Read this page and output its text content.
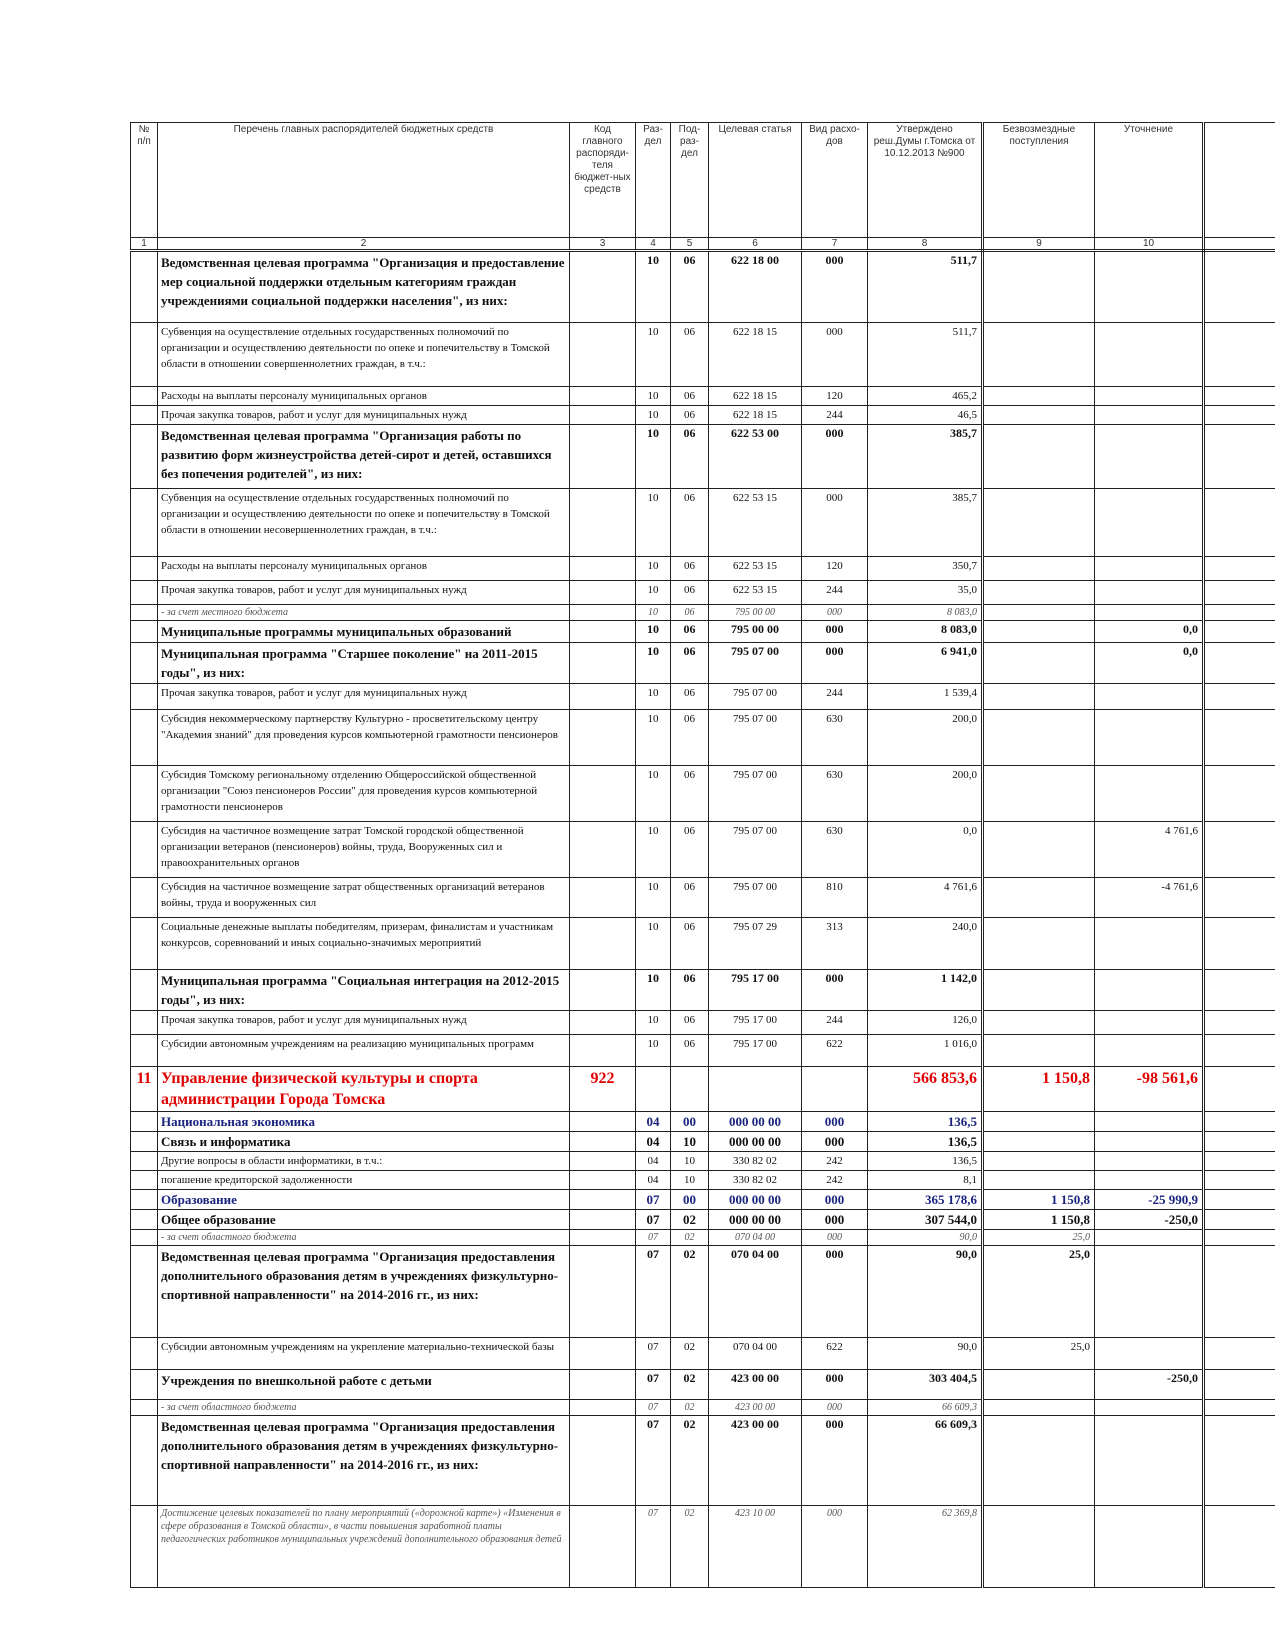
№ п/п	Перечень главных распорядителей бюджетных средств	Код главного распоряди-теля бюджет-ных средств	Раз-дел	Под-раз-дел	Целевая статья	Вид расхо-дов	Утверждено реш.Думы г.Томска от 10.12.2013 №900	Безвозмездные поступления	Уточнение	
1	2	3	4	5	6	7	8	9	10	
	Ведомственная целевая программа "Организация и предоставление мер социальной поддержки отдельным категориям граждан учреждениями социальной поддержки населения", из них:		10	06	622 18 00	000	511,7			
	Субвенция на осуществление отдельных государственных полномочий по организации и осуществлению деятельности по опеке и попечительству в Томской области в отношении совершеннолетних граждан, в т.ч.:		10	06	622 18 15	000	511,7			
	Расходы на выплаты персоналу муниципальных органов		10	06	622 18 15	120	465,2			
	Прочая закупка товаров, работ и услуг для муниципальных нужд		10	06	622 18 15	244	46,5			
	Ведомственная целевая программа "Организация работы по развитию форм жизнеустройства детей-сирот и детей, оставшихся без попечения родителей", из них:		10	06	622 53 00	000	385,7			
	Субвенция на осуществление отдельных государственных полномочий по организации и осуществлению деятельности по опеке и попечительству в Томской области в отношении несовершеннолетних граждан, в т.ч.:		10	06	622 53 15	000	385,7			
	Расходы на выплаты персоналу муниципальных органов		10	06	622 53 15	120	350,7			
	Прочая закупка товаров, работ и услуг для муниципальных нужд		10	06	622 53 15	244	35,0			
	- за счет местного бюджета		10	06	795 00 00	000	8 083,0			
	Муниципальные программы муниципальных образований		10	06	795 00 00	000	8 083,0		0,0	
	Муниципальная программа "Старшее поколение" на 2011-2015 годы", из них:		10	06	795 07 00	000	6 941,0		0,0	
	Прочая закупка товаров, работ и услуг для муниципальных нужд		10	06	795 07 00	244	1 539,4			
	Субсидия некоммерческому партнерству Культурно - просветительскому центру "Академия знаний" для проведения курсов компьютерной грамотности пенсионеров		10	06	795 07 00	630	200,0			
	Субсидия Томскому региональному отделению Общероссийской общественной организации "Союз пенсионеров России" для проведения курсов компьютерной грамотности пенсионеров		10	06	795 07 00	630	200,0			
	Субсидия на частичное возмещение затрат Томской городской общественной организации ветеранов (пенсионеров) войны, труда, Вооруженных сил и правоохранительных органов		10	06	795 07 00	630	0,0		4 761,6	
	Субсидия на частичное возмещение затрат общественных организаций ветеранов войны, труда и вооруженных сил		10	06	795 07 00	810	4 761,6		-4 761,6	
	Социальные денежные выплаты победителям, призерам, финалистам и участникам конкурсов, соревнований и иных социально-значимых мероприятий		10	06	795 07 29	313	240,0			
	Муниципальная программа "Социальная интеграция на 2012-2015 годы", из них:		10	06	795 17 00	000	1 142,0			
	Прочая закупка товаров, работ и услуг для муниципальных нужд		10	06	795 17 00	244	126,0			
	Субсидии автономным учреждениям на реализацию муниципальных программ		10	06	795 17 00	622	1 016,0			
11	Управление физической культуры и спорта администрации Города Томска	922					566 853,6	1 150,8	-98 561,6	
	Национальная экономика		04	00	000 00 00	000	136,5			
	Связь и информатика		04	10	000 00 00	000	136,5			
	Другие вопросы в области информатики, в т.ч.:		04	10	330 82 02	242	136,5			
	погашение кредиторской задолженности		04	10	330 82 02	242	8,1			
	Образование		07	00	000 00 00	000	365 178,6	1 150,8	-25 990,9	
	Общее образование		07	02	000 00 00	000	307 544,0	1 150,8	-250,0	
	- за счет областного бюджета		07	02	070 04 00	000	90,0	25,0		
	Ведомственная целевая программа "Организация предоставления дополнительного образования детям в учреждениях физкультурно-спортивной направленности" на 2014-2016 гг., из них:		07	02	070 04 00	000	90,0	25,0		
	Субсидии автономным учреждениям на укрепление материально-технической базы		07	02	070 04 00	622	90,0	25,0		
	Учреждения по внешкольной работе с детьми		07	02	423 00 00	000	303 404,5		-250,0	
	- за счет областного бюджета		07	02	423 00 00	000	66 609,3			
	Ведомственная целевая программа "Организация предоставления дополнительного образования детям в учреждениях физкультурно-спортивной направленности" на 2014-2016 гг., из них:		07	02	423 00 00	000	66 609,3			
	Достижение целевых показателей по плану мероприятий («дорожной карте») «Изменения в сфере образования в Томской области», в части повышения заработной платы педагогических работников муниципальных учреждений дополнительного образования детей		07	02	423 10 00	000	62 369,8			
